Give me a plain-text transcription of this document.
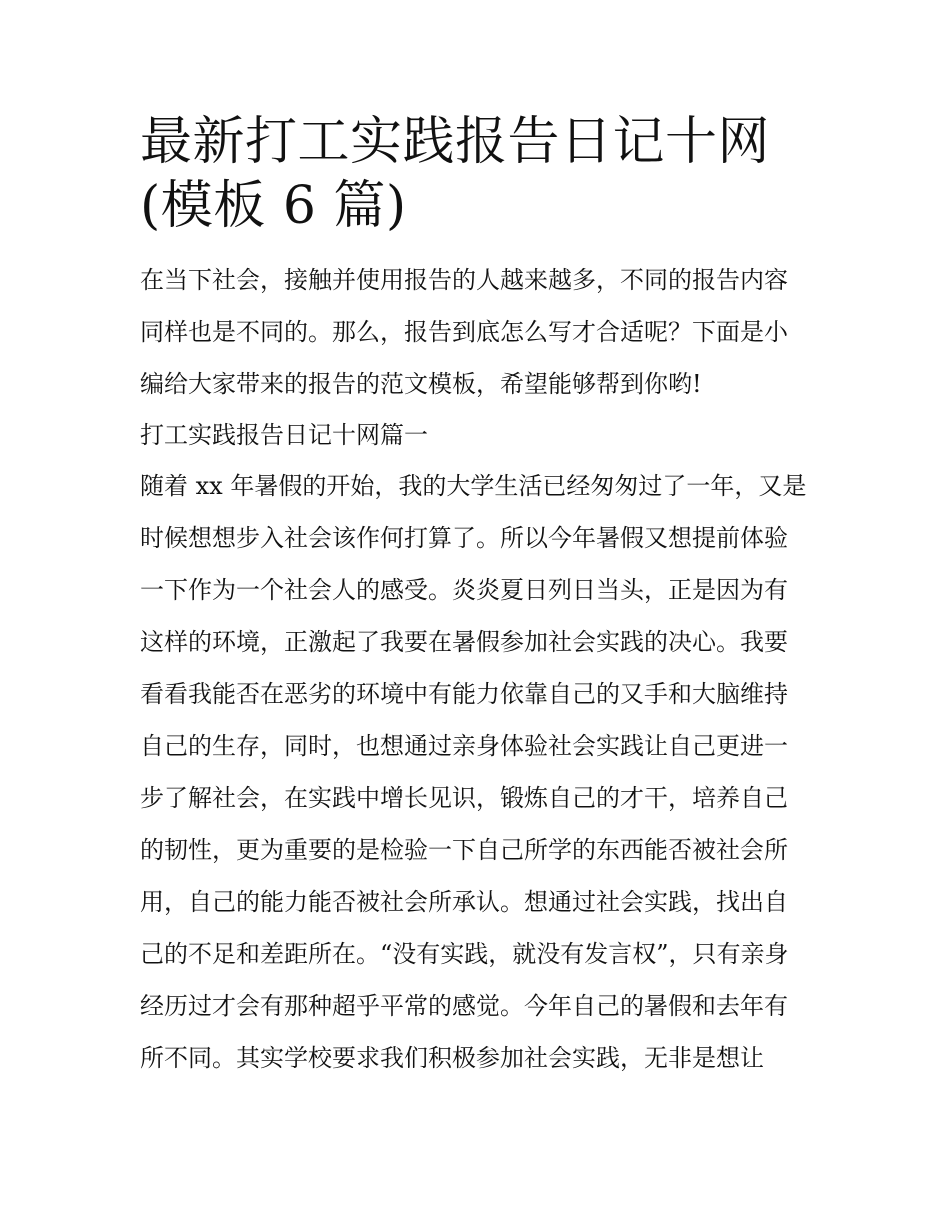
最新打工实践报告日记十网(模板 6 篇)

在当下社会，接触并使用报告的人越来越多，不同的报告内容同样也是不同的。那么，报告到底怎么写才合适呢？下面是小编给大家带来的报告的范文模板，希望能够帮到你哟!

打工实践报告日记十网篇一

随着 xx 年暑假的开始，我的大学生活已经匆匆过了一年，又是时候想想步入社会该作何打算了。所以今年暑假又想提前体验一下作为一个社会人的感受。炎炎夏日列日当头，正是因为有这样的环境，正激起了我要在暑假参加社会实践的决心。我要看看我能否在恶劣的环境中有能力依靠自己的又手和大脑维持自己的生存，同时，也想通过亲身体验社会实践让自己更进一步了解社会，在实践中增长见识，锻炼自己的才干，培养自己的韧性，更为重要的是检验一下自己所学的东西能否被社会所用，自己的能力能否被社会所承认。想通过社会实践，找出自己的不足和差距所在。“没有实践，就没有发言权”，只有亲身经历过才会有那种超乎平常的感觉。今年自己的暑假和去年有所不同。其实学校要求我们积极参加社会实践，无非是想让
